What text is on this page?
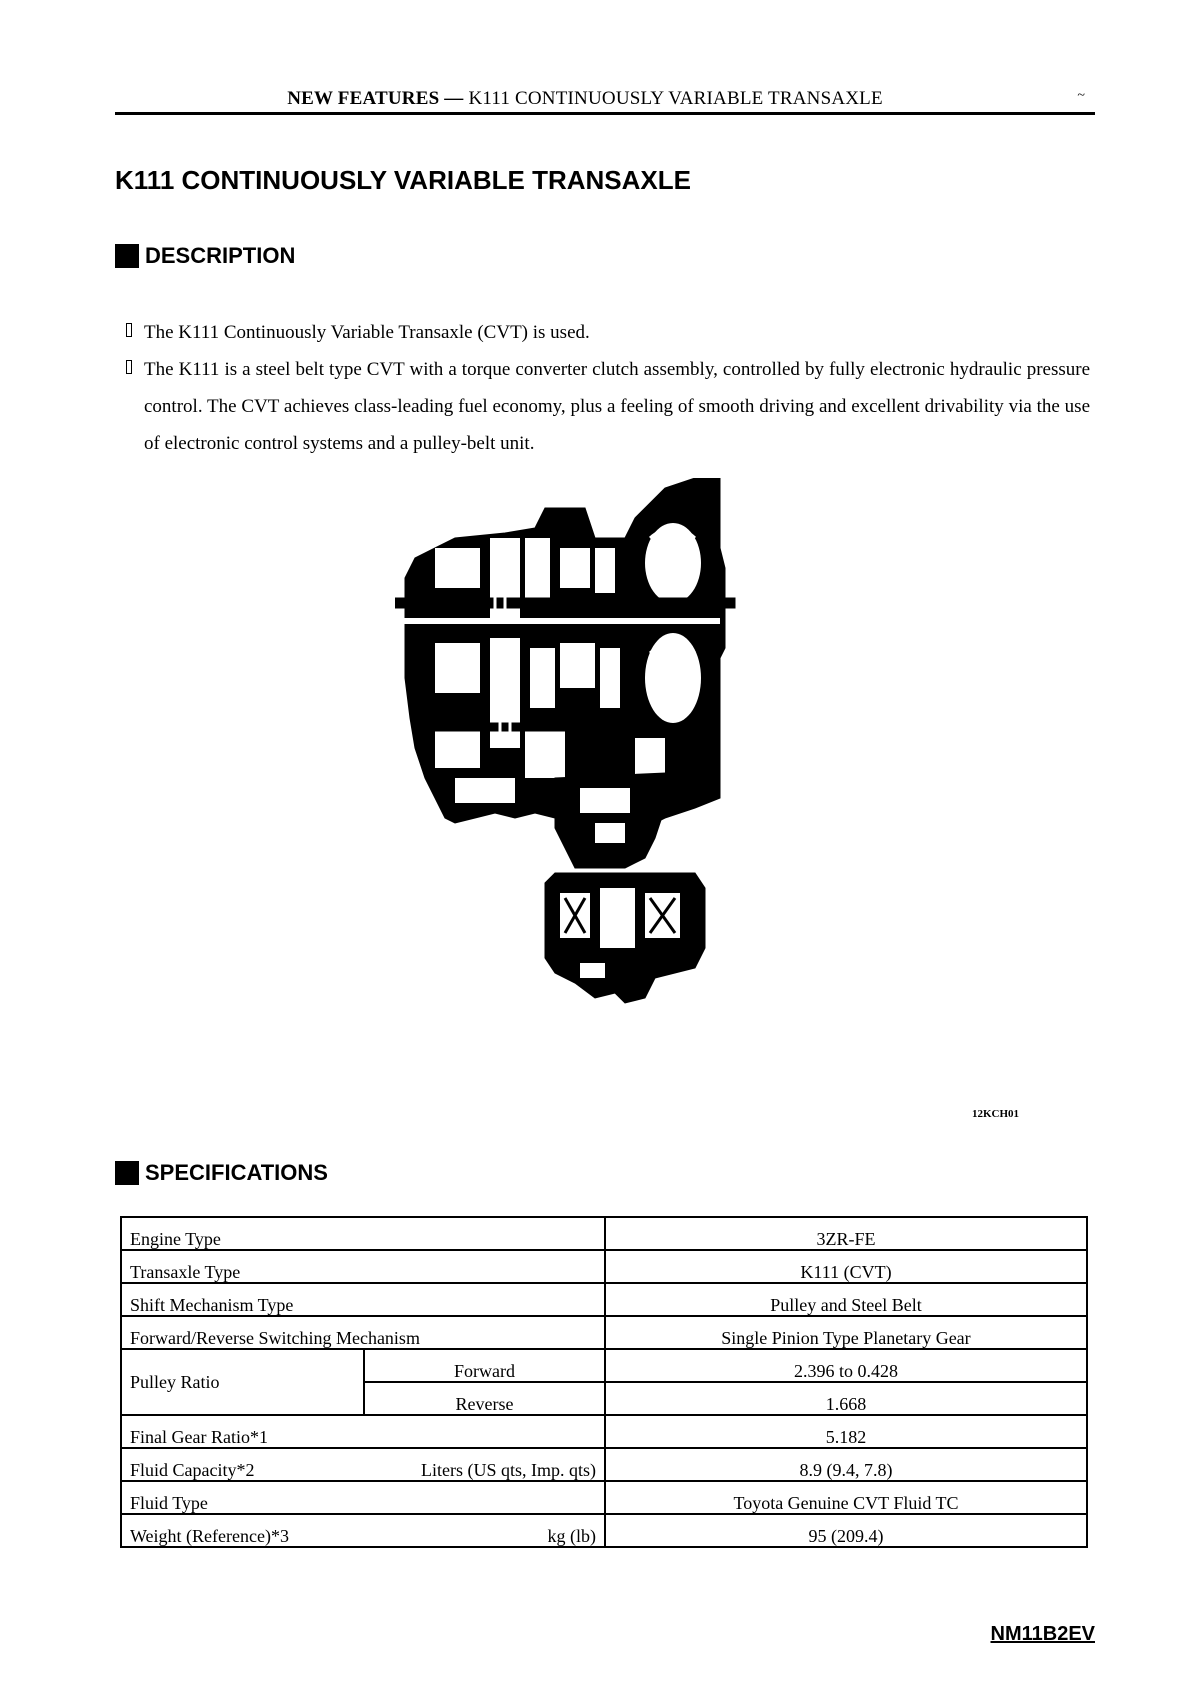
NEW FEATURES — K111 CONTINUOUSLY VARIABLE TRANSAXLE	~
K111 CONTINUOUSLY VARIABLE TRANSAXLE
DESCRIPTION
The K111 Continuously Variable Transaxle (CVT) is used.
The K111 is a steel belt type CVT with a torque converter clutch assembly, controlled by fully electronic hydraulic pressure control. The CVT achieves class-leading fuel economy, plus a feeling of smooth driving and excellent drivability via the use of electronic control systems and a pulley-belt unit.
12KCH01
SPECIFICATIONS
Engine Type		3ZR-FE
Transaxle Type		K111 (CVT)
Shift Mechanism Type		Pulley and Steel Belt
Forward/Reverse Switching Mechanism		Single Pinion Type Planetary Gear
Pulley Ratio	Forward	2.396 to 0.428
	Reverse	1.668
Final Gear Ratio*1		5.182

Fluid Capacity*2 Liters (US qts, Imp. qts)		8.9 (9.4, 7.8)
Fluid Type		Toyota Genuine CVT Fluid TC

Weight (Reference)*3 kg (lb)		95 (209.4)
NM11B2EV
